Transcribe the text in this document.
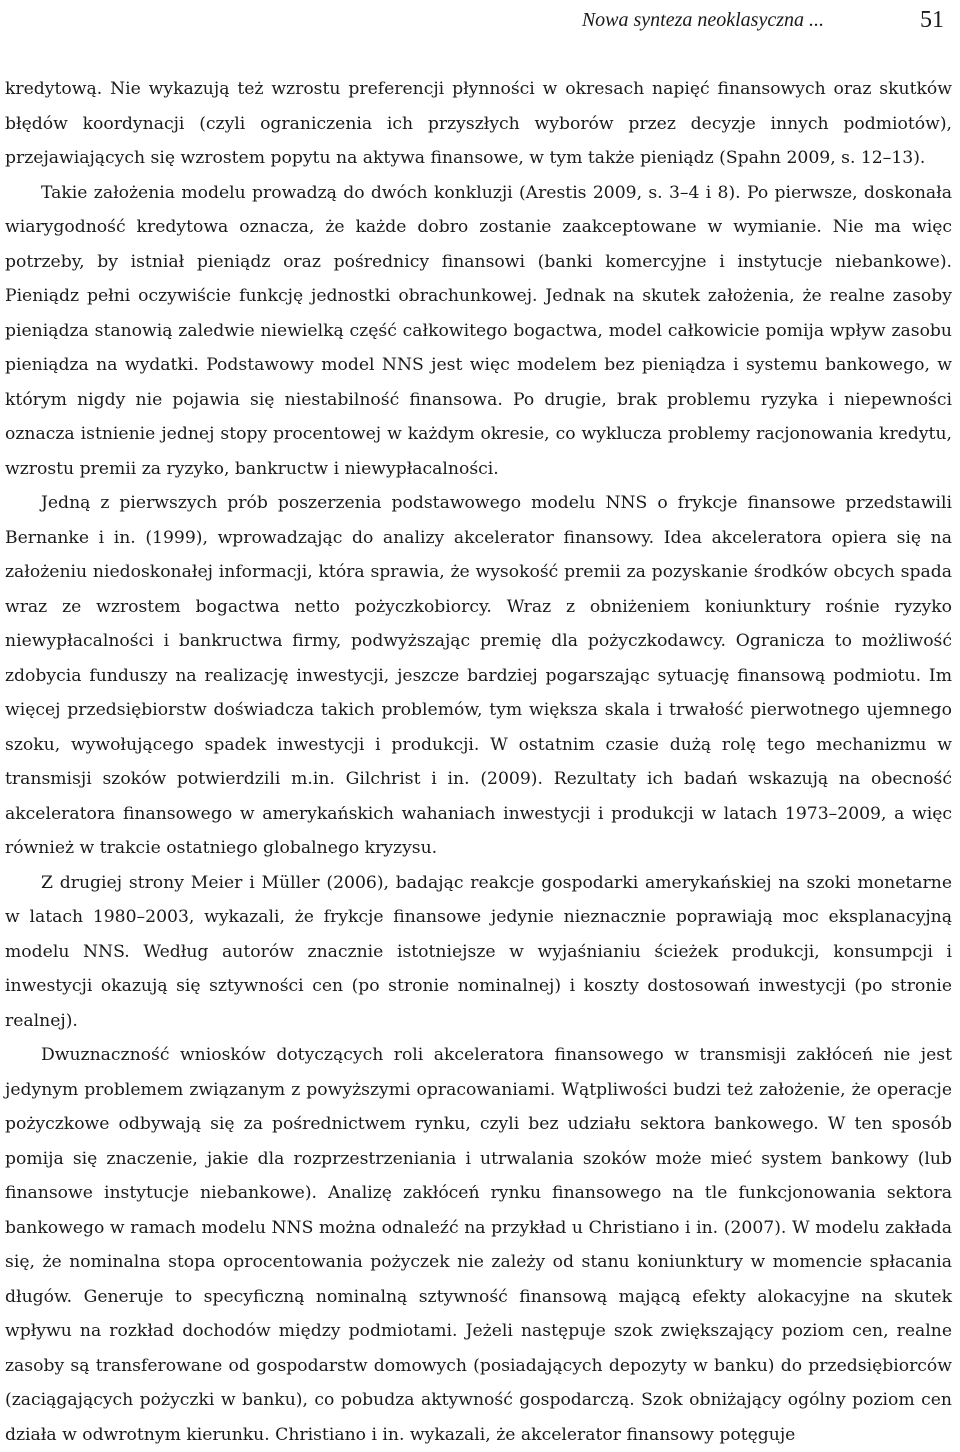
Nowa synteza neoklasyczna ...	51

kredytową. Nie wykazują też wzrostu preferencji płynności w okresach napięć finansowych oraz skutków błędów koordynacji (czyli ograniczenia ich przyszłych wyborów przez decyzje innych podmiotów), przejawiających się wzrostem popytu na aktywa finansowe, w tym także pieniądz (Spahn 2009, s. 12–13).

Takie założenia modelu prowadzą do dwóch konkluzji (Arestis 2009, s. 3–4 i 8). Po pierwsze, doskonała wiarygodność kredytowa oznacza, że każde dobro zostanie zaakceptowane w wymianie. Nie ma więc potrzeby, by istniał pieniądz oraz pośrednicy finansowi (banki komercyjne i instytucje niebankowe). Pieniądz pełni oczywiście funkcję jednostki obrachunkowej. Jednak na skutek założenia, że realne zasoby pieniądza stanowią zaledwie niewielką część całkowitego bogactwa, model całkowicie pomija wpływ zasobu pieniądza na wydatki. Podstawowy model NNS jest więc modelem bez pieniądza i systemu bankowego, w którym nigdy nie pojawia się niestabilność finansowa. Po drugie, brak problemu ryzyka i niepewności oznacza istnienie jednej stopy procentowej w każdym okresie, co wyklucza problemy racjonowania kredytu, wzrostu premii za ryzyko, bankructw i niewypłacalności.

Jedną z pierwszych prób poszerzenia podstawowego modelu NNS o frykcje finansowe przedstawili Bernanke i in. (1999), wprowadzając do analizy akcelerator finansowy. Idea akceleratora opiera się na założeniu niedoskonałej informacji, która sprawia, że wysokość premii za pozyskanie środków obcych spada wraz ze wzrostem bogactwa netto pożyczkobiorcy. Wraz z obniżeniem koniunktury rośnie ryzyko niewypłacalności i bankructwa firmy, podwyższając premię dla pożyczkodawcy. Ogranicza to możliwość zdobycia funduszy na realizację inwestycji, jeszcze bardziej pogarszając sytuację finansową podmiotu. Im więcej przedsiębiorstw doświadcza takich problemów, tym większa skala i trwałość pierwotnego ujemnego szoku, wywołującego spadek inwestycji i produkcji. W ostatnim czasie dużą rolę tego mechanizmu w transmisji szoków potwierdzili m.in. Gilchrist i in. (2009). Rezultaty ich badań wskazują na obecność akceleratora finansowego w amerykańskich wahaniach inwestycji i produkcji w latach 1973–2009, a więc również w trakcie ostatniego globalnego kryzysu.

Z drugiej strony Meier i Müller (2006), badając reakcje gospodarki amerykańskiej na szoki monetarne w latach 1980–2003, wykazali, że frykcje finansowe jedynie nieznacznie poprawiają moc eksplanacyjną modelu NNS. Według autorów znacznie istotniejsze w wyjaśnianiu ścieżek produkcji, konsumpcji i inwestycji okazują się sztywności cen (po stronie nominalnej) i koszty dostosowań inwestycji (po stronie realnej).

Dwuznaczność wniosków dotyczących roli akceleratora finansowego w transmisji zakłóceń nie jest jedynym problemem związanym z powyższymi opracowaniami. Wątpliwości budzi też założenie, że operacje pożyczkowe odbywają się za pośrednictwem rynku, czyli bez udziału sektora bankowego. W ten sposób pomija się znaczenie, jakie dla rozprzestrzeniania i utrwalania szoków może mieć system bankowy (lub finansowe instytucje niebankowe). Analizę zakłóceń rynku finansowego na tle funkcjonowania sektora bankowego w ramach modelu NNS można odnaleźć na przykład u Christiano i in. (2007). W modelu zakłada się, że nominalna stopa oprocentowania pożyczek nie zależy od stanu koniunktury w momencie spłacania długów. Generuje to specyficzną nominalną sztywność finansową mającą efekty alokacyjne na skutek wpływu na rozkład dochodów między podmiotami. Jeżeli następuje szok zwiększający poziom cen, realne zasoby są transferowane od gospodarstw domowych (posiadających depozyty w banku) do przedsiębiorców (zaciągających pożyczki w banku), co pobudza aktywność gospodarczą. Szok obniżający ogólny poziom cen działa w odwrotnym kierunku. Christiano i in. wykazali, że akcelerator finansowy potęguje
